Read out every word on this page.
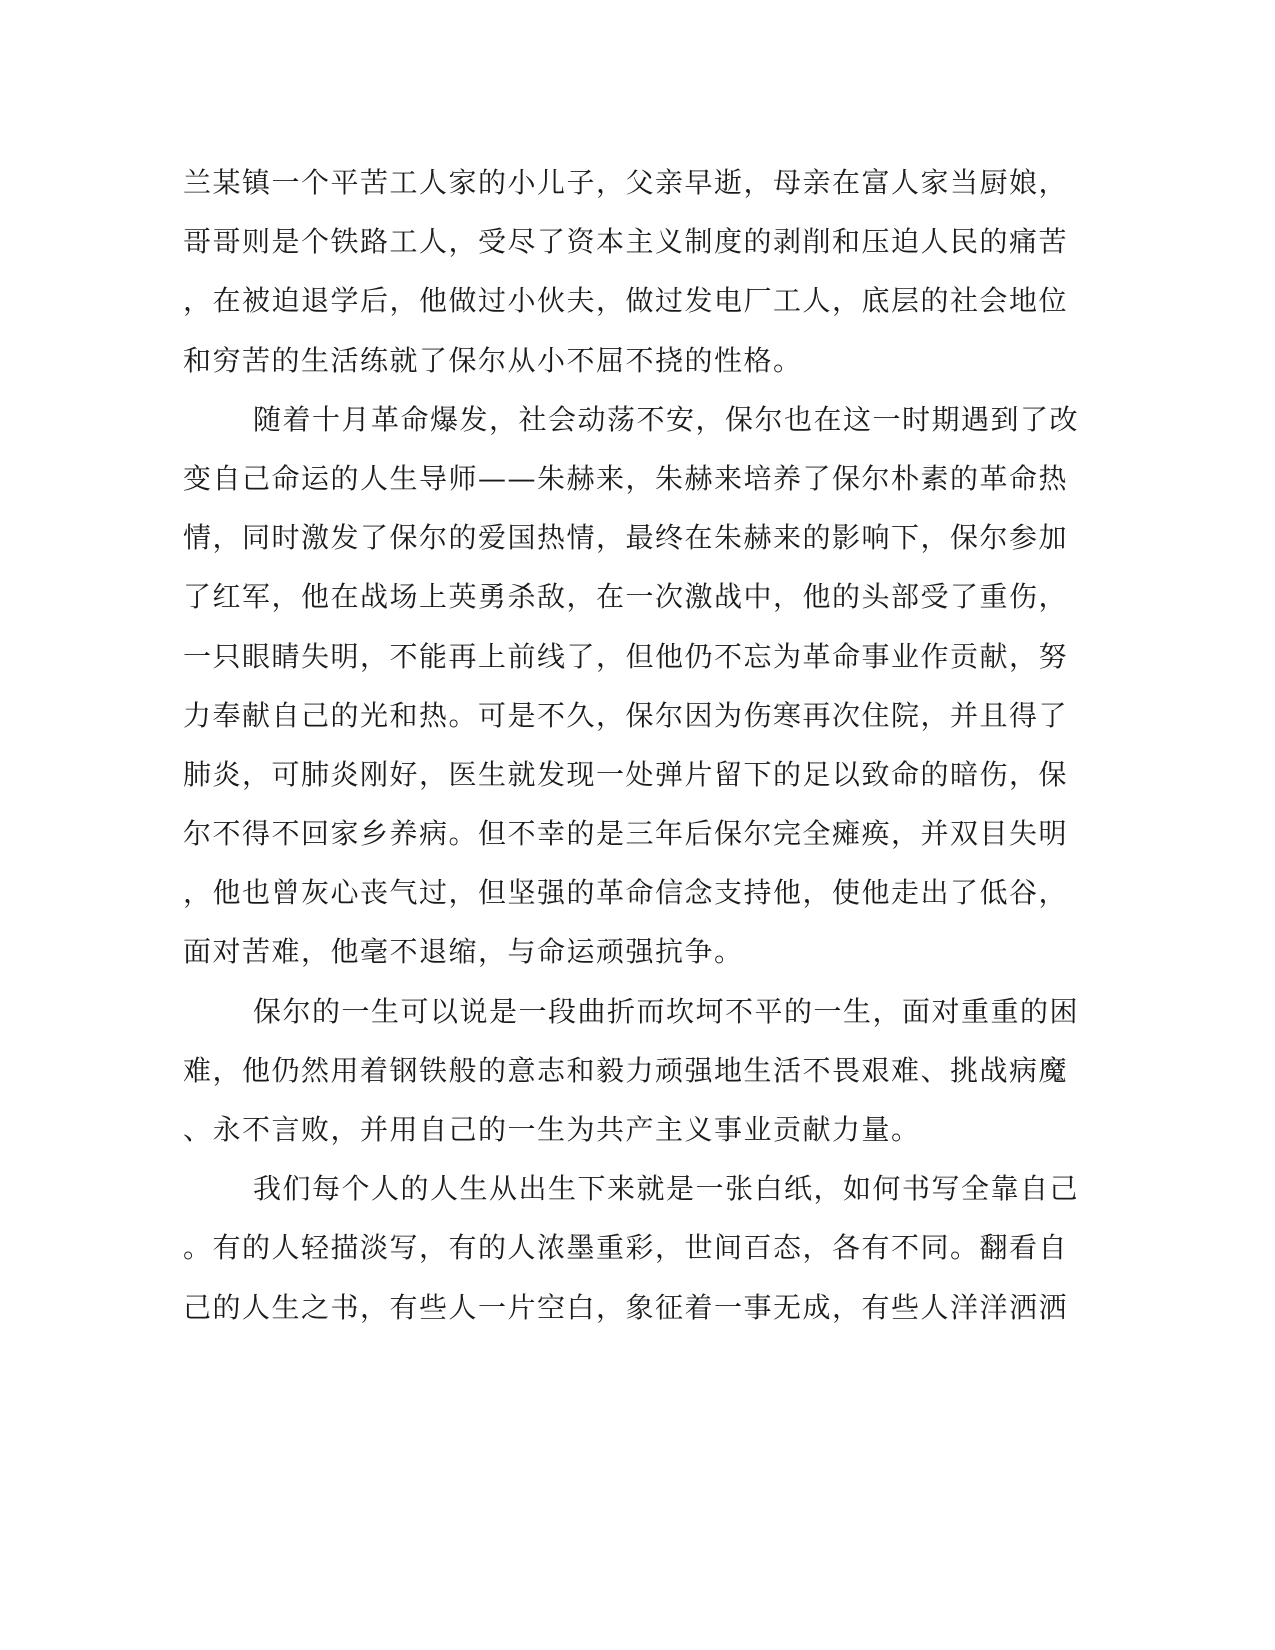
兰某镇一个平苦工人家的小儿子，父亲早逝，母亲在富人家当厨娘，
哥哥则是个铁路工人，受尽了资本主义制度的剥削和压迫人民的痛苦
，在被迫退学后，他做过小伙夫，做过发电厂工人，底层的社会地位
和穷苦的生活练就了保尔从小不屈不挠的性格。
随着十月革命爆发，社会动荡不安，保尔也在这一时期遇到了改
变自己命运的人生导师——朱赫来，朱赫来培养了保尔朴素的革命热
情，同时激发了保尔的爱国热情，最终在朱赫来的影响下，保尔参加
了红军，他在战场上英勇杀敌，在一次激战中，他的头部受了重伤，
一只眼睛失明，不能再上前线了，但他仍不忘为革命事业作贡献，努
力奉献自己的光和热。可是不久，保尔因为伤寒再次住院，并且得了
肺炎，可肺炎刚好，医生就发现一处弹片留下的足以致命的暗伤，保
尔不得不回家乡养病。但不幸的是三年后保尔完全瘫痪，并双目失明
，他也曾灰心丧气过，但坚强的革命信念支持他，使他走出了低谷，
面对苦难，他毫不退缩，与命运顽强抗争。
保尔的一生可以说是一段曲折而坎坷不平的一生，面对重重的困
难，他仍然用着钢铁般的意志和毅力顽强地生活不畏艰难、挑战病魔
、永不言败，并用自己的一生为共产主义事业贡献力量。
我们每个人的人生从出生下来就是一张白纸，如何书写全靠自己
。有的人轻描淡写，有的人浓墨重彩，世间百态，各有不同。翻看自
己的人生之书，有些人一片空白，象征着一事无成，有些人洋洋洒洒
